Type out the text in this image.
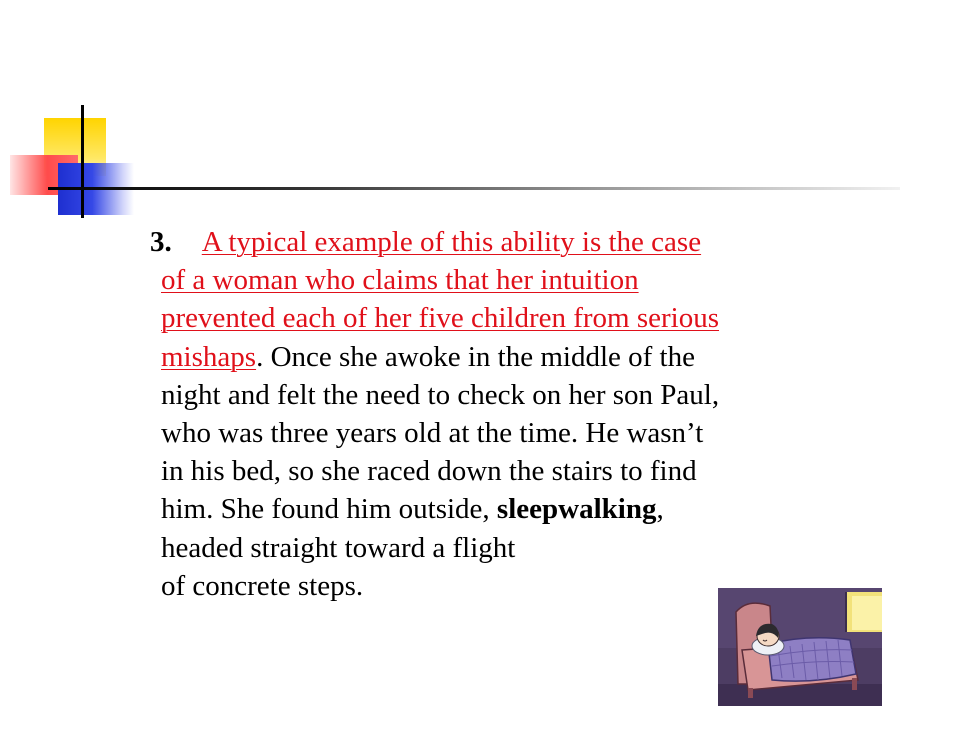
3. A typical example of this ability is the case
of a woman who claims that her intuition
prevented each of her five children from serious
mishaps. Once she awoke in the middle of the
night and felt the need to check on her son Paul,
who was three years old at the time. He wasn’t
in his bed, so she raced down the stairs to find
him. She found him outside, sleepwalking,
headed straight toward a flight
of concrete steps.
